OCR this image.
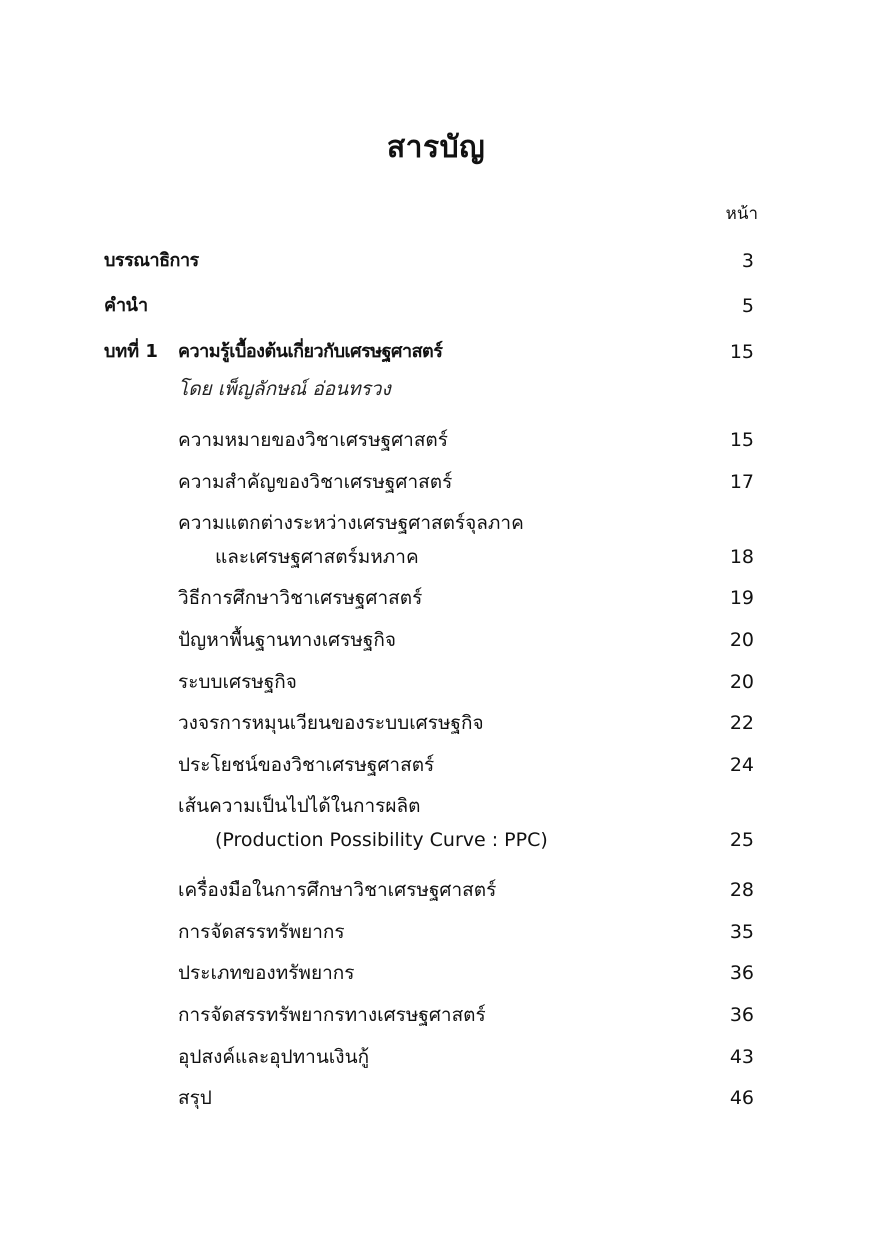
สารบัญ
หน้า
บรรณาธิการ	3
คำนำ	5
บทที่ 1 ความรู้เบื้องต้นเกี่ยวกับเศรษฐศาสตร์	15
โดย เพ็ญลักษณ์ อ่อนทรวง
ความหมายของวิชาเศรษฐศาสตร์	15
ความสำคัญของวิชาเศรษฐศาสตร์	17
ความแตกต่างระหว่างเศรษฐศาสตร์จุลภาค
และเศรษฐศาสตร์มหภาค	18
วิธีการศึกษาวิชาเศรษฐศาสตร์	19
ปัญหาพื้นฐานทางเศรษฐกิจ	20
ระบบเศรษฐกิจ	20
วงจรการหมุนเวียนของระบบเศรษฐกิจ	22
ประโยชน์ของวิชาเศรษฐศาสตร์	24
เส้นความเป็นไปได้ในการผลิต
(Production Possibility Curve : PPC)	25
เครื่องมือในการศึกษาวิชาเศรษฐศาสตร์	28
การจัดสรรทรัพยากร	35
ประเภทของทรัพยากร	36
การจัดสรรทรัพยากรทางเศรษฐศาสตร์	36
อุปสงค์และอุปทานเงินกู้	43
สรุป	46
